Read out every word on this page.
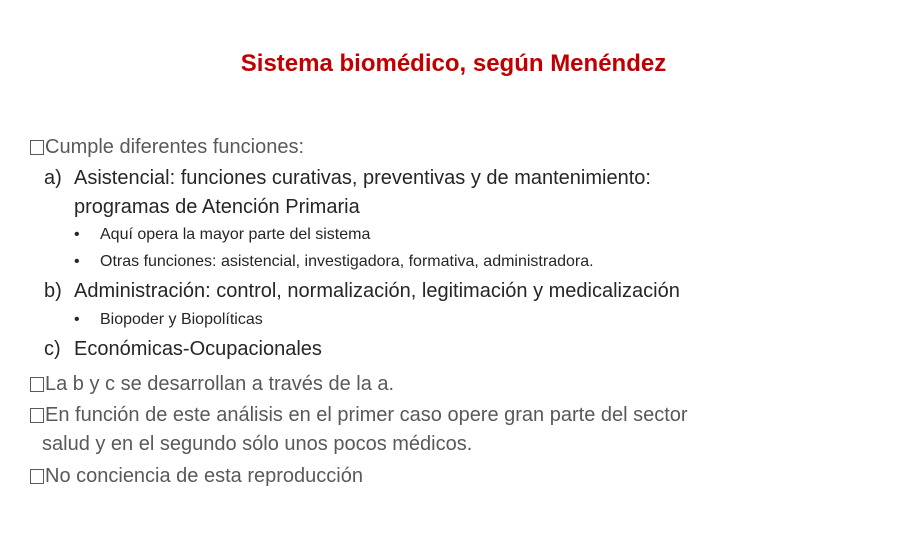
Sistema biomédico, según Menéndez
Cumple diferentes funciones:
a) Asistencial: funciones curativas, preventivas y de mantenimiento:
programas de Atención Primaria
• Aquí opera la mayor parte del sistema
• Otras funciones: asistencial, investigadora, formativa, administradora.
b) Administración: control, normalización, legitimación y medicalización
• Biopoder y Biopolíticas
c) Económicas-Ocupacionales
La b y c se desarrollan a través de la a.
En función de este análisis en el primer caso opere gran parte del sector
salud y en el segundo sólo unos pocos médicos.
No conciencia de esta reproducción
